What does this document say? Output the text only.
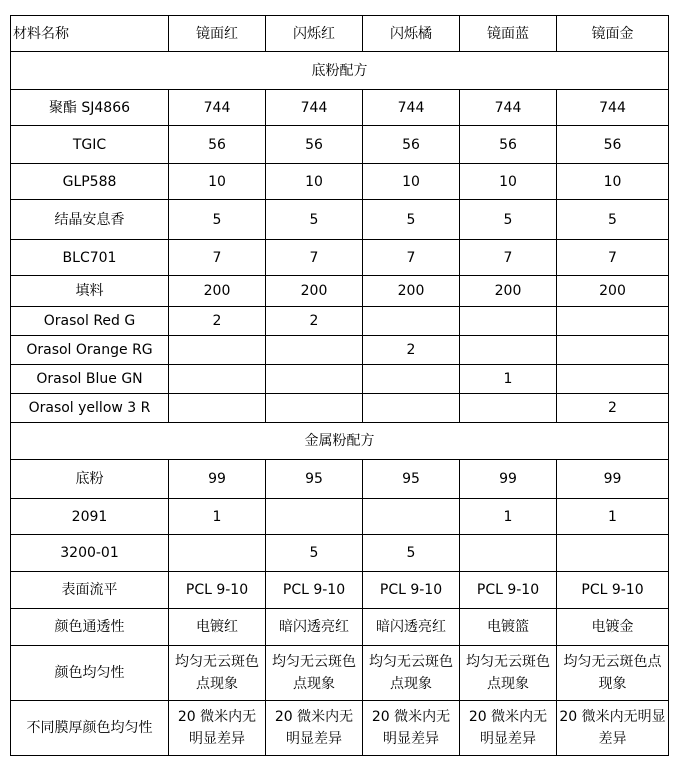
材料名称	镜面红	闪烁红	闪烁橘	镜面蓝	镜面金
底粉配方					
聚酯 SJ4866	744	744	744	744	744
TGIC	56	56	56	56	56
GLP588	10	10	10	10	10
结晶安息香	5	5	5	5	5
BLC701	7	7	7	7	7
填料	200	200	200	200	200
Orasol Red G	2	2			
Orasol Orange RG			2		
Orasol Blue GN				1	
Orasol yellow 3 R					2
金属粉配方					
底粉	99	95	95	99	99
2091	1			1	1
3200-01		5	5		
表面流平	PCL 9-10	PCL 9-10	PCL 9-10	PCL 9-10	PCL 9-10
颜色通透性	电镀红	暗闪透亮红	暗闪透亮红	电镀篮	电镀金
颜色均匀性	均匀无云斑色点现象	均匀无云斑色点现象	均匀无云斑色点现象	均匀无云斑色点现象	均匀无云斑色点现象
不同膜厚颜色均匀性	20 微米内无明显差异	20 微米内无明显差异	20 微米内无明显差异	20 微米内无明显差异	20 微米内无明显差异
